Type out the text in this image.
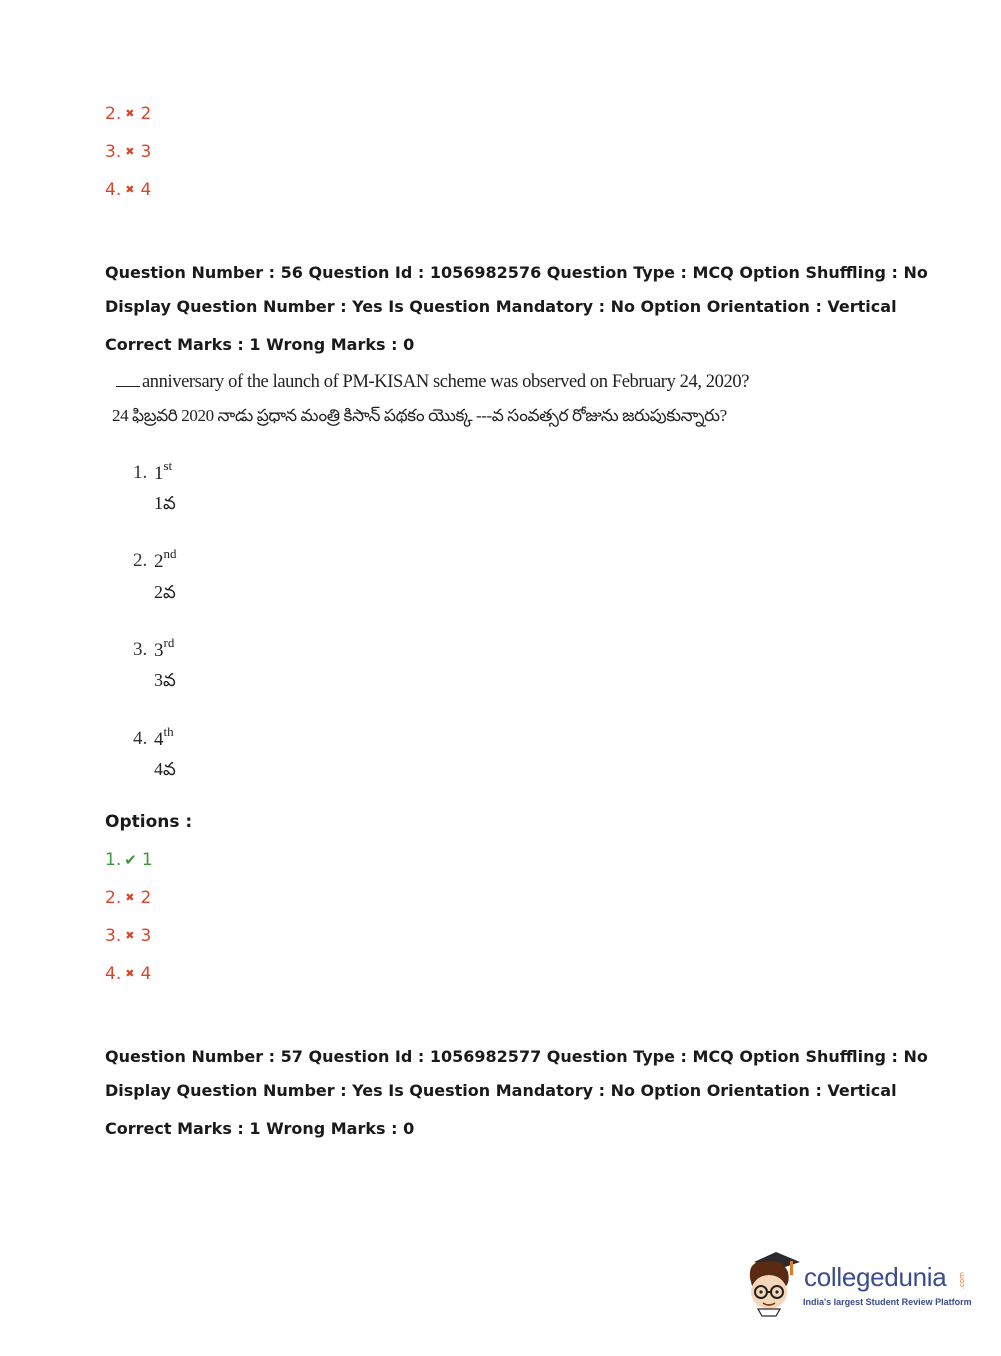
2. ✖ 2
3. ✖ 3
4. ✖ 4
Question Number : 56 Question Id : 1056982576 Question Type : MCQ Option Shuffling : No
Display Question Number : Yes Is Question Mandatory : No Option Orientation : Vertical
Correct Marks : 1 Wrong Marks : 0
anniversary of the launch of PM-KISAN scheme was observed on February 24, 2020?
24 ఫిబ్రవరి 2020 నాడు ప్రధాన మంత్రి కిసాన్ పథకం యొక్క ---వ సంవత్సర రోజును జరుపుకున్నారు?
1. 1st
1వ
2. 2nd
2వ
3. 3rd
3వ
4. 4th
4వ
Options :
1. ✔ 1
2. ✖ 2
3. ✖ 3
4. ✖ 4
Question Number : 57 Question Id : 1056982577 Question Type : MCQ Option Shuffling : No
Display Question Number : Yes Is Question Mandatory : No Option Orientation : Vertical
Correct Marks : 1 Wrong Marks : 0
collegedunia .com
India's largest Student Review Platform
